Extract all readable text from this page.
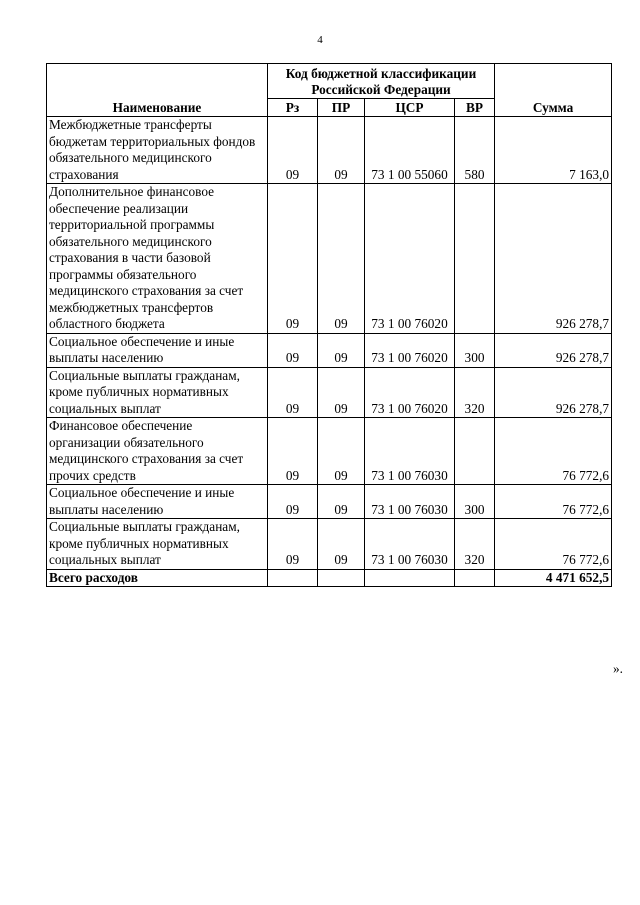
4
Наименование	Код бюджетной классификации Российской Федерации				Сумма
	Рз	ПР	ЦСР	ВР	
Межбюджетные трансферты бюджетам территориальных фондов обязательного медицинского страхования	09	09	73 1 00 55060	580	7 163,0
Дополнительное финансовое обеспечение реализации территориальной программы обязательного медицинского страхования в части базовой программы обязательного медицинского страхования за счет межбюджетных трансфертов областного бюджета	09	09	73 1 00 76020		926 278,7
Социальное обеспечение и иные выплаты населению	09	09	73 1 00 76020	300	926 278,7
Социальные выплаты гражданам, кроме публичных нормативных социальных выплат	09	09	73 1 00 76020	320	926 278,7
Финансовое обеспечение организации обязательного медицинского страхования за счет прочих средств	09	09	73 1 00 76030		76 772,6
Социальное обеспечение и иные выплаты населению	09	09	73 1 00 76030	300	76 772,6
Социальные выплаты гражданам, кроме публичных нормативных социальных выплат	09	09	73 1 00 76030	320	76 772,6
Всего расходов					4 471 652,5
».
